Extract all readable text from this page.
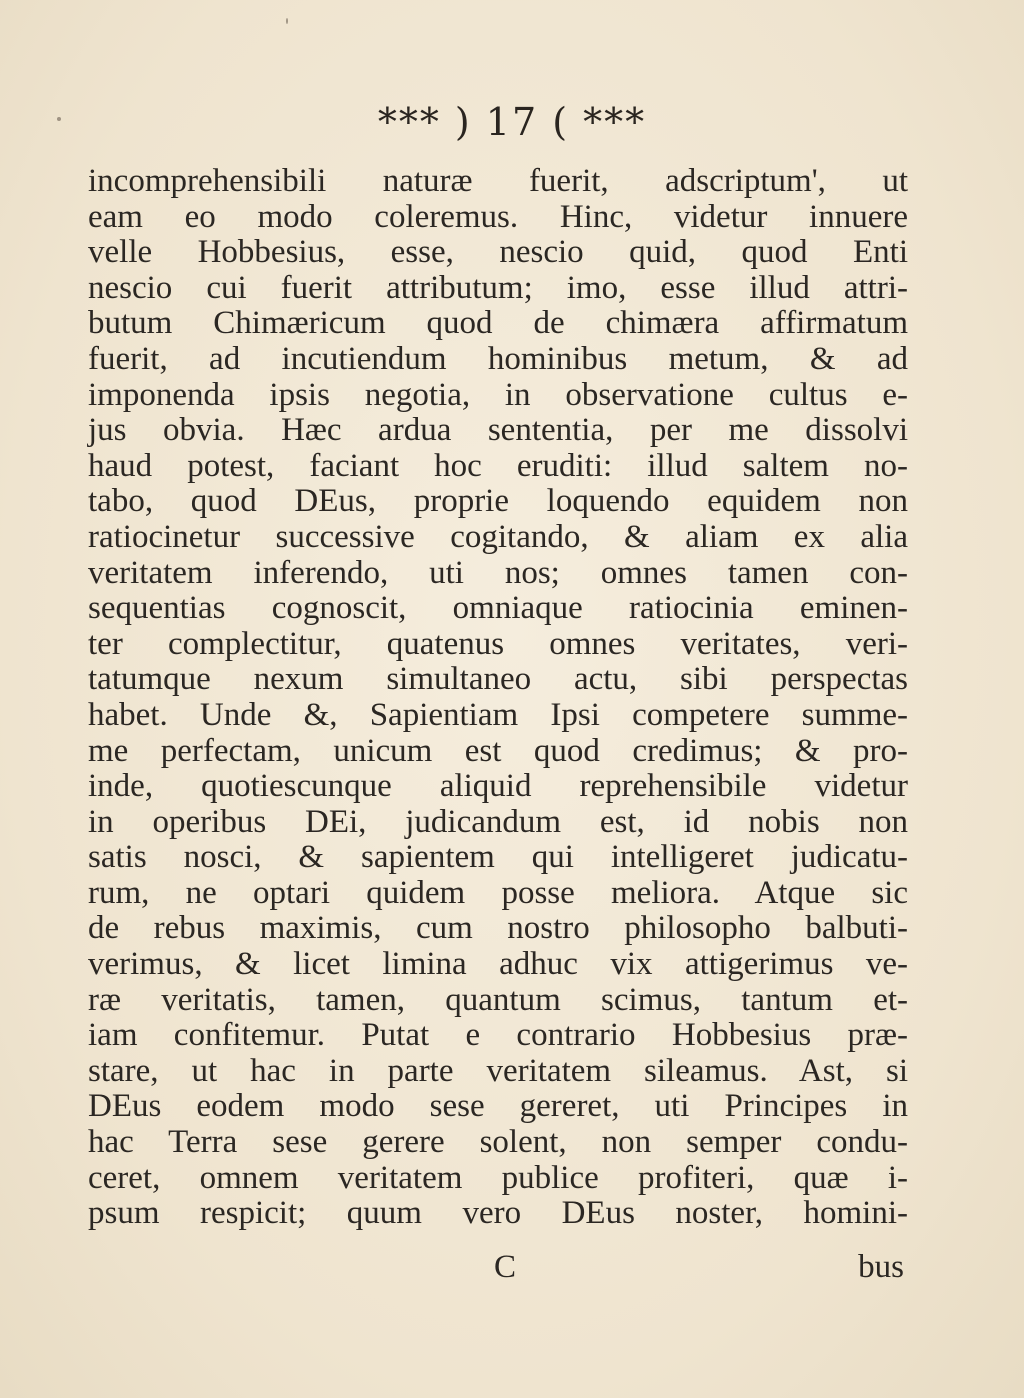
*** ) 17 ( ***
incomprehensibili naturæ fuerit, adscriptum', ut
eam eo modo coleremus. Hinc, videtur innuere
velle Hobbesius, esse, nescio quid, quod Enti
nescio cui fuerit attributum; imo, esse illud attri-
butum Chimæricum quod de chimæra affirmatum
fuerit, ad incutiendum hominibus metum, & ad
imponenda ipsis negotia, in observatione cultus e-
jus obvia. Hæc ardua sententia, per me dissolvi
haud potest, faciant hoc eruditi: illud saltem no-
tabo, quod DEus, proprie loquendo equidem non
ratiocinetur successive cogitando, & aliam ex alia
veritatem inferendo, uti nos; omnes tamen con-
sequentias cognoscit, omniaque ratiocinia eminen-
ter complectitur, quatenus omnes veritates, veri-
tatumque nexum simultaneo actu, sibi perspectas
habet. Unde &, Sapientiam Ipsi competere summe-
me perfectam, unicum est quod credimus; & pro-
inde, quotiescunque aliquid reprehensibile videtur
in operibus DEi, judicandum est, id nobis non
satis nosci, & sapientem qui intelligeret judicatu-
rum, ne optari quidem posse meliora. Atque sic
de rebus maximis, cum nostro philosopho balbuti-
verimus, & licet limina adhuc vix attigerimus ve-
ræ veritatis, tamen, quantum scimus, tantum et-
iam confitemur. Putat e contrario Hobbesius præ-
stare, ut hac in parte veritatem sileamus. Ast, si
DEus eodem modo sese gereret, uti Principes in
hac Terra sese gerere solent, non semper condu-
ceret, omnem veritatem publice profiteri, quæ i-
psum respicit; quum vero DEus noster, homini-
C	bus
